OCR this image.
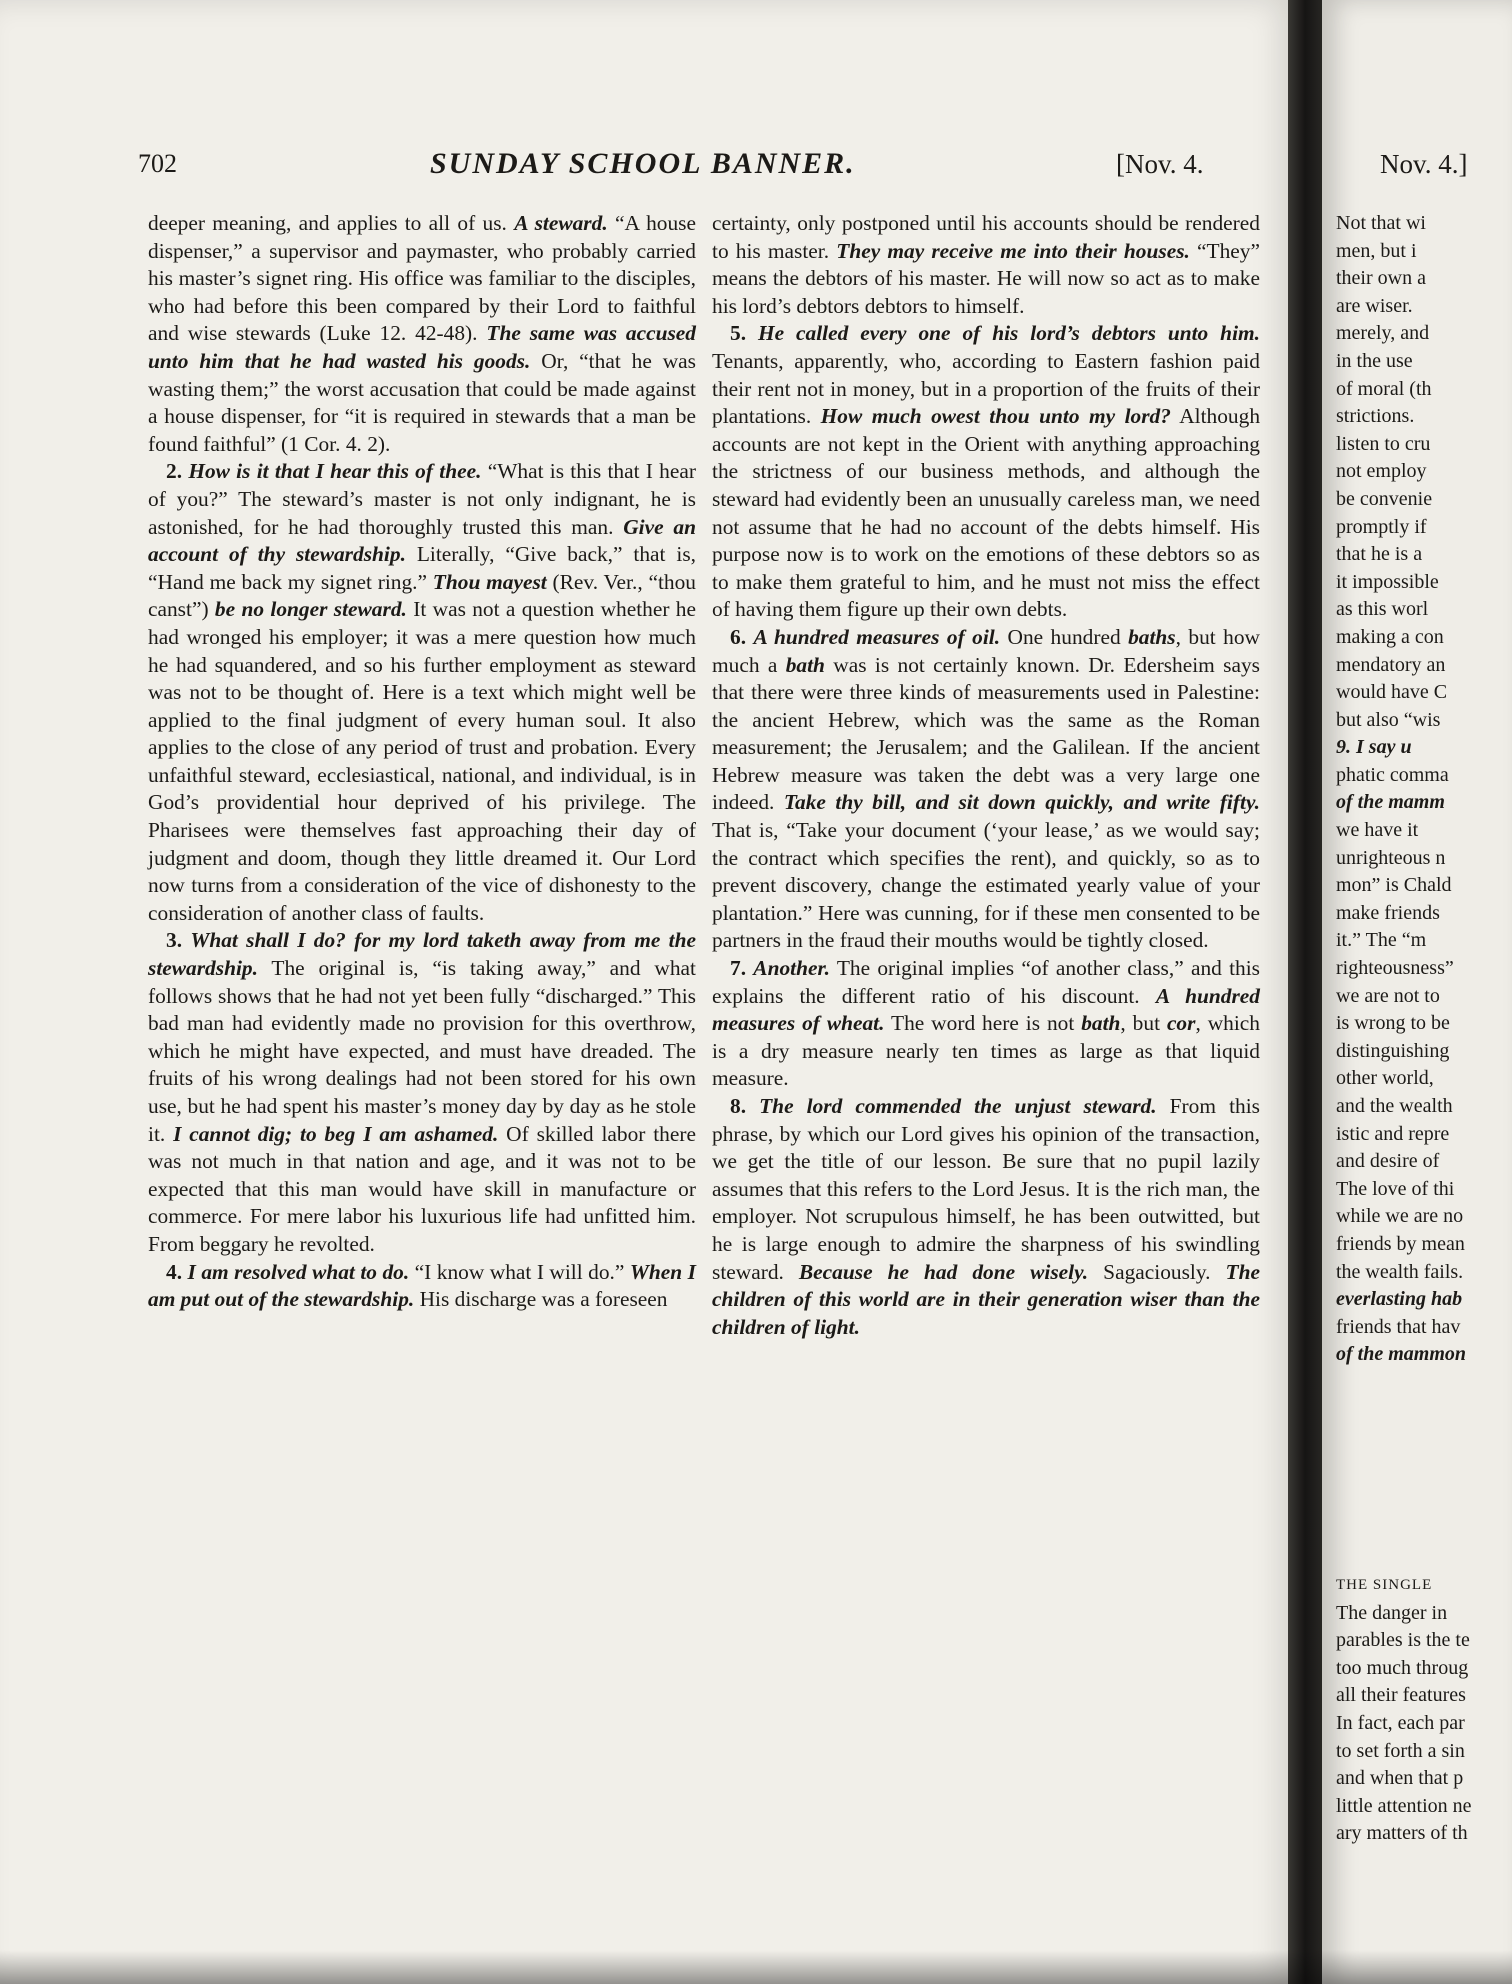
702	SUNDAY SCHOOL BANNER.	[Nov. 4.

deeper meaning, and applies to all of us. A steward. “A house dispenser,” a supervisor and paymaster, who probably carried his master’s signet ring. His office was familiar to the disciples, who had before this been compared by their Lord to faithful and wise stewards (Luke 12. 42-48). The same was accused unto him that he had wasted his goods. Or, “that he was wasting them;” the worst accusation that could be made against a house dispenser, for “it is required in stewards that a man be found faithful” (1 Cor. 4. 2).

2. How is it that I hear this of thee. “What is this that I hear of you?” The steward’s master is not only indignant, he is astonished, for he had thoroughly trusted this man. Give an account of thy stewardship. Literally, “Give back,” that is, “Hand me back my signet ring.” Thou mayest (Rev. Ver., “thou canst”) be no longer steward. It was not a question whether he had wronged his employer; it was a mere question how much he had squandered, and so his further employment as steward was not to be thought of. Here is a text which might well be applied to the final judgment of every human soul. It also applies to the close of any period of trust and probation. Every unfaithful steward, ecclesiastical, national, and individual, is in God’s providential hour deprived of his privilege. The Pharisees were themselves fast approaching their day of judgment and doom, though they little dreamed it. Our Lord now turns from a consideration of the vice of dishonesty to the consideration of another class of faults.

3. What shall I do? for my lord taketh away from me the stewardship. The original is, “is taking away,” and what follows shows that he had not yet been fully “discharged.” This bad man had evidently made no provision for this overthrow, which he might have expected, and must have dreaded. The fruits of his wrong dealings had not been stored for his own use, but he had spent his master’s money day by day as he stole it. I cannot dig; to beg I am ashamed. Of skilled labor there was not much in that nation and age, and it was not to be expected that this man would have skill in manufacture or commerce. For mere labor his luxurious life had unfitted him. From beggary he revolted.

4. I am resolved what to do. “I know what I will do.” When I am put out of the stewardship. His discharge was a foreseen

certainty, only postponed until his accounts should be rendered to his master. They may receive me into their houses. “They” means the debtors of his master. He will now so act as to make his lord’s debtors debtors to himself.

5. He called every one of his lord’s debtors unto him. Tenants, apparently, who, according to Eastern fashion paid their rent not in money, but in a proportion of the fruits of their plantations. How much owest thou unto my lord? Although accounts are not kept in the Orient with anything approaching the strictness of our business methods, and although the steward had evidently been an unusually careless man, we need not assume that he had no account of the debts himself. His purpose now is to work on the emotions of these debtors so as to make them grateful to him, and he must not miss the effect of having them figure up their own debts.

6. A hundred measures of oil. One hundred baths, but how much a bath was is not certainly known. Dr. Edersheim says that there were three kinds of measurements used in Palestine: the ancient Hebrew, which was the same as the Roman measurement; the Jerusalem; and the Galilean. If the ancient Hebrew measure was taken the debt was a very large one indeed. Take thy bill, and sit down quickly, and write fifty. That is, “Take your document (‘your lease,’ as we would say; the contract which specifies the rent), and quickly, so as to prevent discovery, change the estimated yearly value of your plantation.” Here was cunning, for if these men consented to be partners in the fraud their mouths would be tightly closed.

7. Another. The original implies “of another class,” and this explains the different ratio of his discount. A hundred measures of wheat. The word here is not bath, but cor, which is a dry measure nearly ten times as large as that liquid measure.

8. The lord commended the unjust steward. From this phrase, by which our Lord gives his opinion of the transaction, we get the title of our lesson. Be sure that no pupil lazily assumes that this refers to the Lord Jesus. It is the rich man, the employer. Not scrupulous himself, he has been outwitted, but he is large enough to admire the sharpness of his swindling steward. Because he had done wisely. Sagaciously. The children of this world are in their generation wiser than the children of light.

Nov. 4.]
Not that wi
men, but i
their own a
are wiser.
merely, and
in the use
of moral (th
strictions.
listen to cru
not employ
be convenie
promptly if
that he is a
it impossible
as this worl
making a con
mendatory an
would have C
but also “wis
9. I say u
phatic comma
of the mamm
we have it
unrighteous n
mon” is Chald
make friends
it.” The “m
righteousness”
we are not to
is wrong to be
distinguishing
other world,
and the wealth
istic and repre
and desire of
The love of thi
while we are no
friends by mean
the wealth fails.
everlasting hab
friends that hav
of the mammon
THE SINGLE
The danger in
parables is the te
too much throug
all their features
In fact, each par
to set forth a sin
and when that p
little attention ne
ary matters of th
